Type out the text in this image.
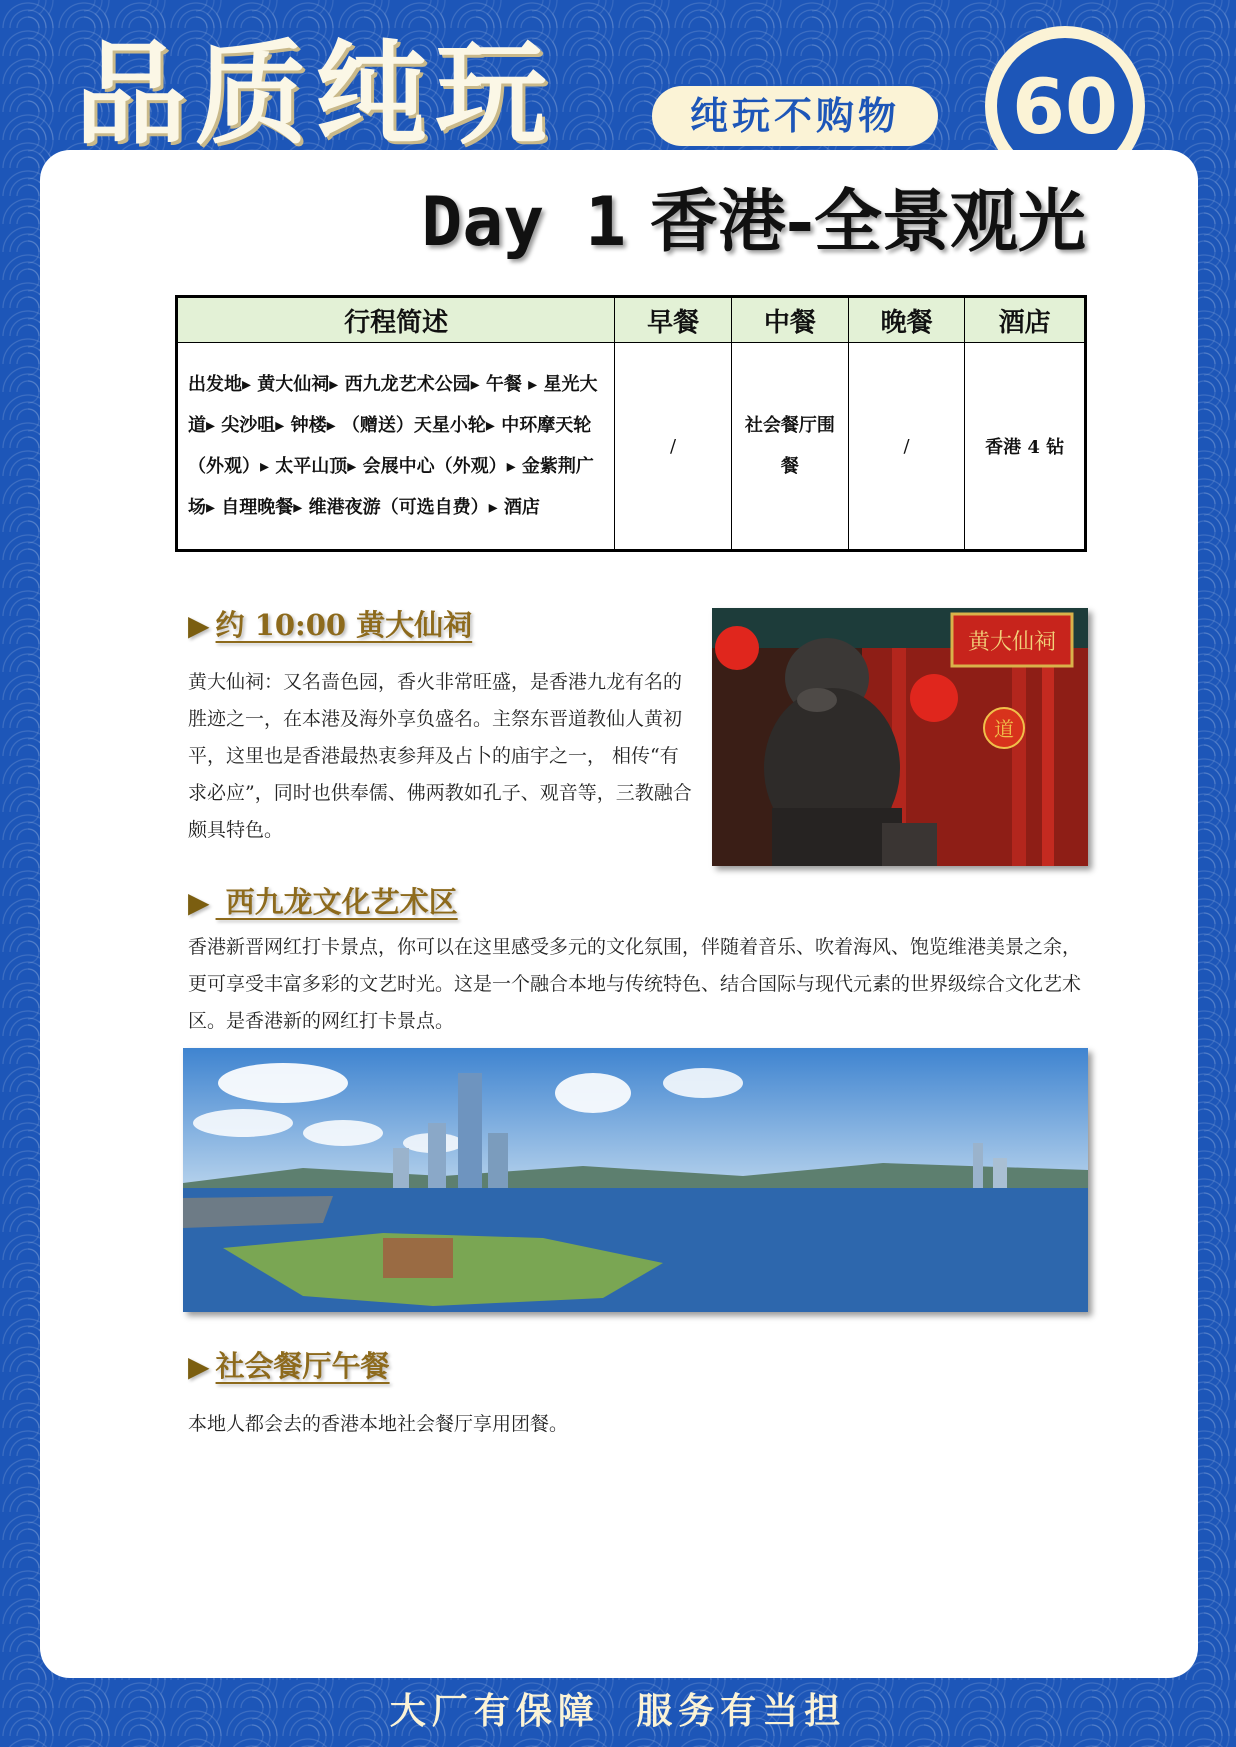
品质纯玩	纯玩不购物	60
Day 1 香港-全景观光
行程简述	早餐	中餐	晚餐	酒店
出发地▸ 黄大仙祠▸ 西九龙艺术公园▸ 午餐 ▸ 星光大道▸ 尖沙咀▸ 钟楼▸ （赠送）天星小轮▸ 中环摩天轮（外观）▸ 太平山顶▸ 会展中心（外观）▸ 金紫荆广场▸ 自理晚餐▸ 维港夜游（可选自费）▸ 酒店	/	社会餐厅围餐	/	香港 4 钻
▶ 约 10:00 黄大仙祠
黄大仙祠：又名啬色园，香火非常旺盛，是香港九龙有名的胜迹之一，在本港及海外享负盛名。主祭东晋道教仙人黄初平，这里也是香港最热衷参拜及占卜的庙宇之一， 相传“有求必应”，同时也供奉儒、佛两教如孔子、观音等，三教融合颇具特色。
黄大仙祠
道
▶ 西九龙文化艺术区
香港新晋网红打卡景点，你可以在这里感受多元的文化氛围，伴随着音乐、吹着海风、饱览维港美景之余，更可享受丰富多彩的文艺时光。这是一个融合本地与传统特色、结合国际与现代元素的世界级综合文化艺术区。是香港新的网红打卡景点。
▶ 社会餐厅午餐
本地人都会去的香港本地社会餐厅享用团餐。
大厂有保障 服务有当担
